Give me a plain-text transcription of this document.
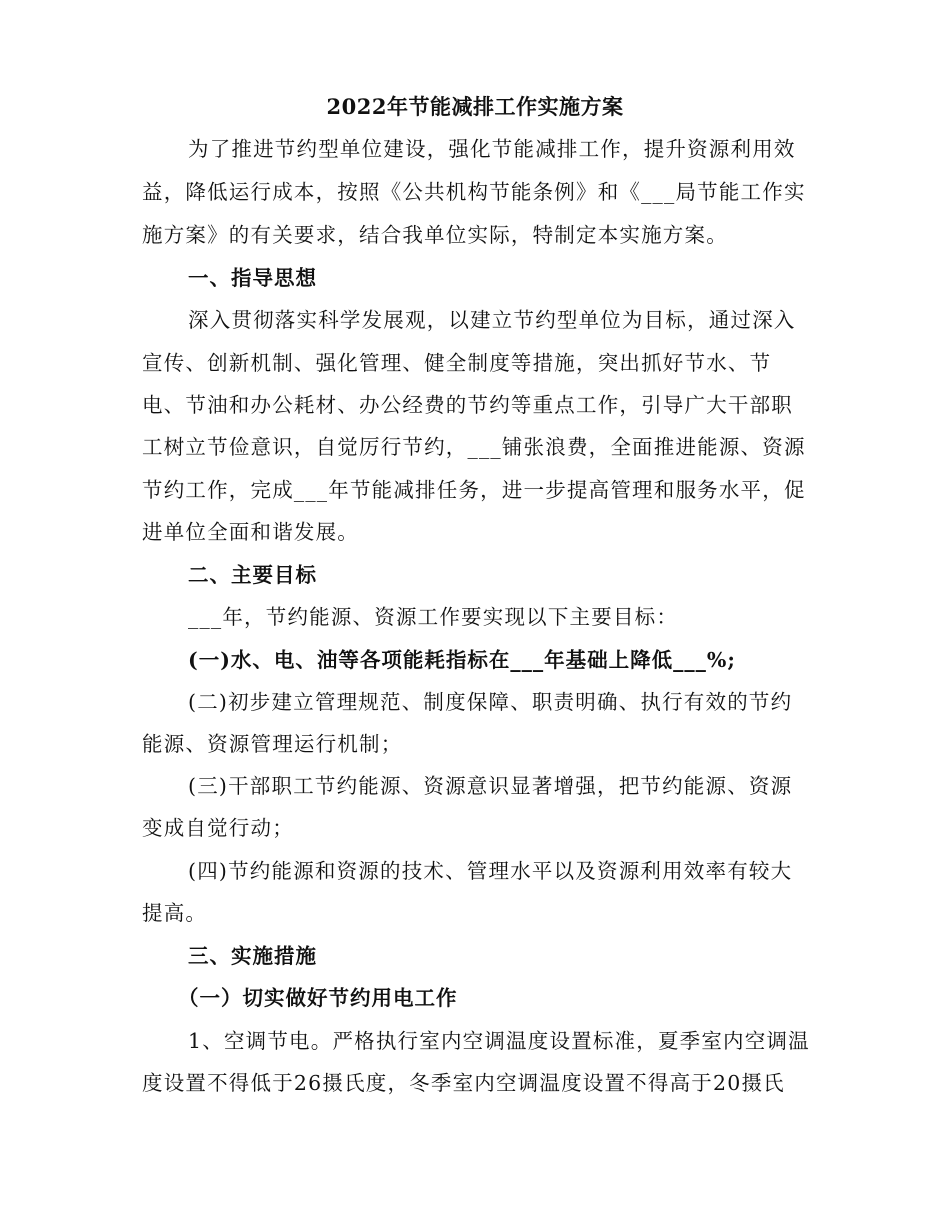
2022年节能减排工作实施方案
为了推进节约型单位建设，强化节能减排工作，提升资源利用效
益，降低运行成本，按照《公共机构节能条例》和《___局节能工作实
施方案》的有关要求，结合我单位实际，特制定本实施方案。
一、指导思想
深入贯彻落实科学发展观，以建立节约型单位为目标，通过深入
宣传、创新机制、强化管理、健全制度等措施，突出抓好节水、节
电、节油和办公耗材、办公经费的节约等重点工作，引导广大干部职
工树立节俭意识，自觉厉行节约，___铺张浪费，全面推进能源、资源
节约工作，完成___年节能减排任务，进一步提高管理和服务水平，促
进单位全面和谐发展。
二、主要目标
___年，节约能源、资源工作要实现以下主要目标：
(一)水、电、油等各项能耗指标在___年基础上降低___%;
(二)初步建立管理规范、制度保障、职责明确、执行有效的节约
能源、资源管理运行机制；
(三)干部职工节约能源、资源意识显著增强，把节约能源、资源
变成自觉行动；
(四)节约能源和资源的技术、管理水平以及资源利用效率有较大
提高。
三、实施措施
（一）切实做好节约用电工作
1、空调节电。严格执行室内空调温度设置标准，夏季室内空调温
度设置不得低于26摄氏度，冬季室内空调温度设置不得高于20摄氏
